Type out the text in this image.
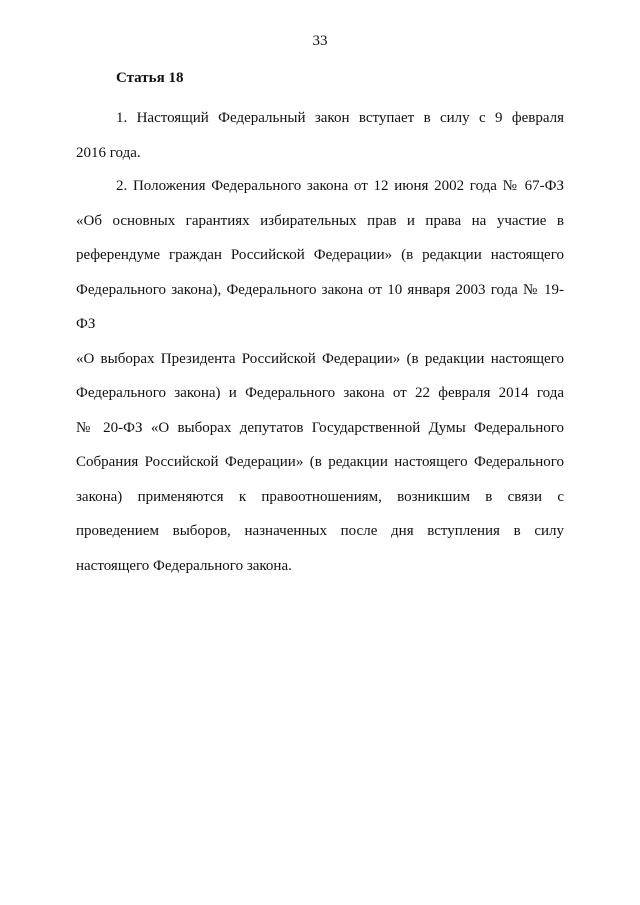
33
Статья 18
1. Настоящий Федеральный закон вступает в силу с 9 февраля
2016 года.
2. Положения Федерального закона от 12 июня 2002 года № 67-ФЗ
«Об основных гарантиях избирательных прав и права на участие в
референдуме граждан Российской Федерации» (в редакции настоящего
Федерального закона), Федерального закона от 10 января 2003 года № 19-ФЗ
«О выборах Президента Российской Федерации» (в редакции настоящего
Федерального закона) и Федерального закона от 22 февраля 2014 года
№ 20-ФЗ «О выборах депутатов Государственной Думы Федерального
Собрания Российской Федерации» (в редакции настоящего Федерального
закона) применяются к правоотношениям, возникшим в связи с
проведением выборов, назначенных после дня вступления в силу
настоящего Федерального закона.
